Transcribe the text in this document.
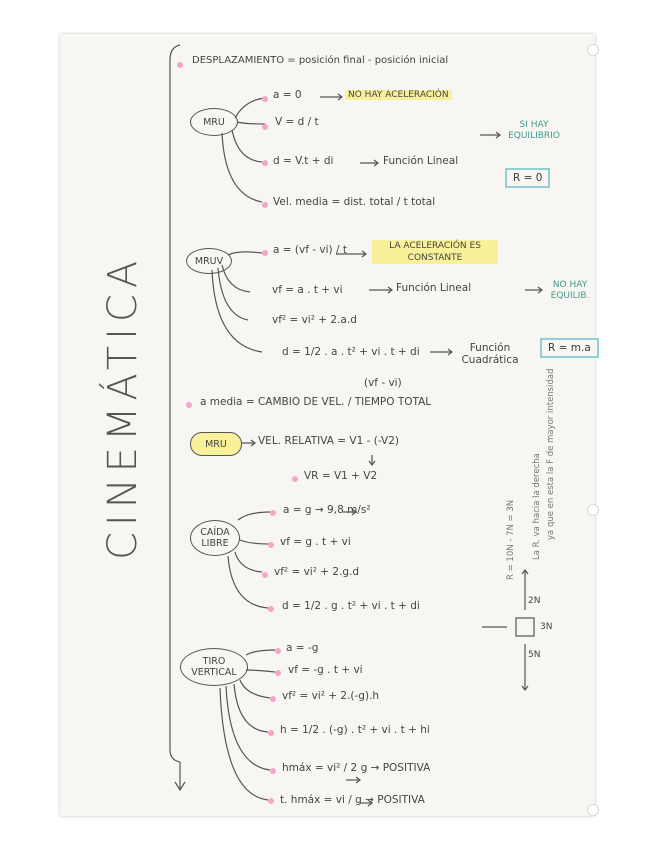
CINEMÁTICA
DESPLAZAMIENTO = posición final - posición inicial
MRU
a = 0	NO HAY ACELERACIÓN
V = d / t
d = V.t + di	Función Lineal
SI HAY EQUILIBRIO
R = 0
Vel. media = dist. total / t total
MRUV
a = (vf - vi) / t	LA ACELERACIÓN ES CONSTANTE
vf = a . t + vi	Función Lineal	NO HAY EQUILIB.
vf² = vi² + 2.a.d
d = 1/2 . a . t² + vi . t + di	Función Cuadrática
R = m.a
a media = CAMBIO DE VEL. / TIEMPO TOTAL
(vf - vi)
MRU	VEL. RELATIVA = V1 - (-V2)
VR = V1 + V2
CAÍDA LIBRE
a = g → 9,8 m/s²
vf = g . t + vi
vf² = vi² + 2.g.d
d = 1/2 . g . t² + vi . t + di
TIRO VERTICAL
a = -g
vf = -g . t + vi
vf² = vi² + 2.(-g).h
h = 1/2 . (-g) . t² + vi . t + hi
hmáx = vi² / 2 g → POSITIVA
t. hmáx = vi / g → POSITIVA
La R. va hacia la derecha ya que en esta la F de mayor intensidad
R = 10N - 7N = 3N
2N
5N
3N
